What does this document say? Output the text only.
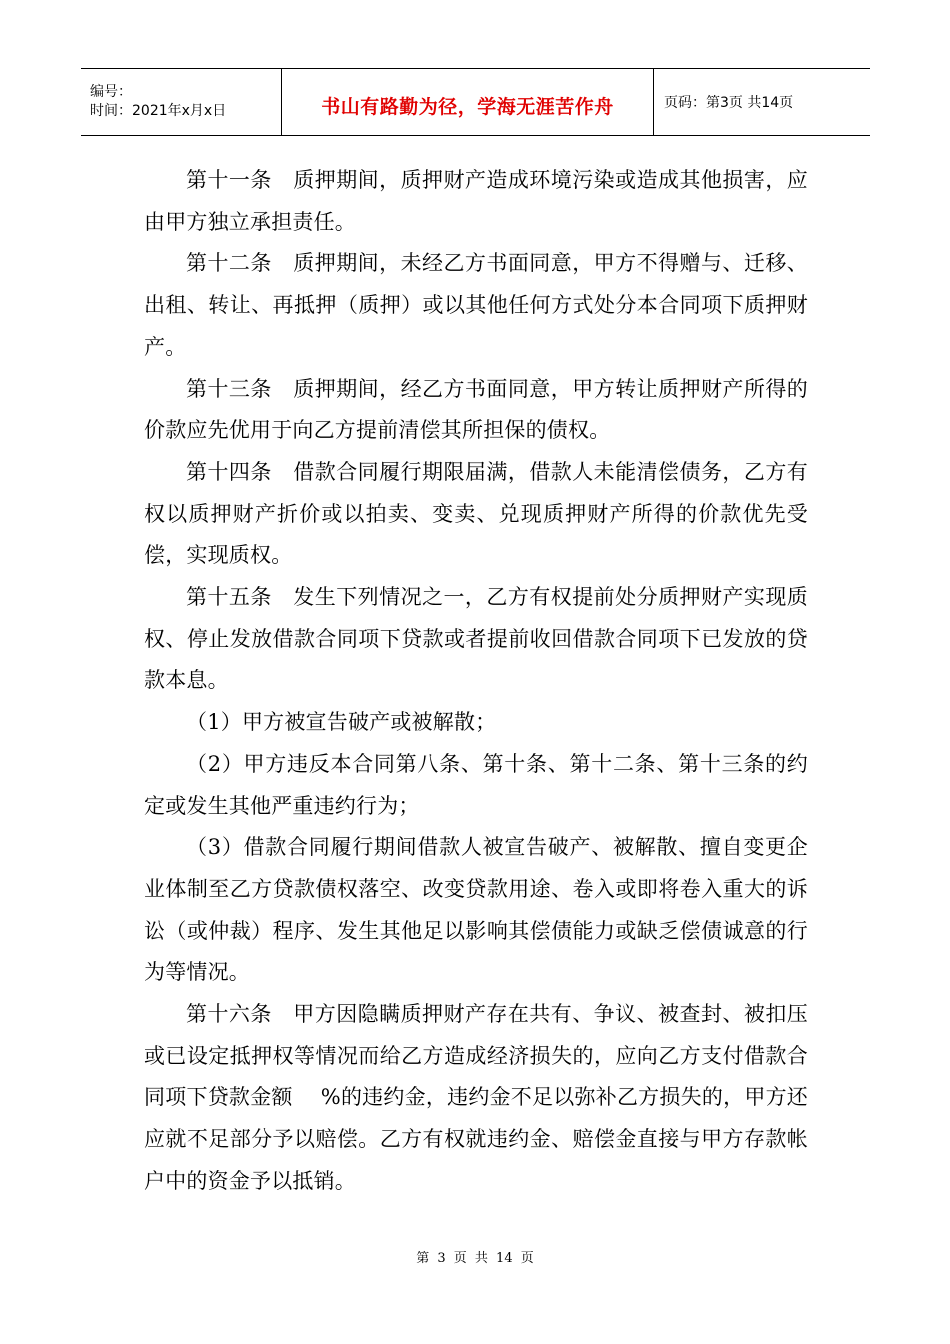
编号：
时间：2021年x月x日	书山有路勤为径，学海无涯苦作舟	页码：第3页 共14页

第十一条　质押期间，质押财产造成环境污染或造成其他损害，应由甲方独立承担责任。

第十二条　质押期间，未经乙方书面同意，甲方不得赠与、迁移、出租、转让、再抵押（质押）或以其他任何方式处分本合同项下质押财产。

第十三条　质押期间，经乙方书面同意，甲方转让质押财产所得的价款应先优用于向乙方提前清偿其所担保的债权。

第十四条　借款合同履行期限届满，借款人未能清偿债务，乙方有权以质押财产折价或以拍卖、变卖、兑现质押财产所得的价款优先受偿，实现质权。

第十五条　发生下列情况之一，乙方有权提前处分质押财产实现质权、停止发放借款合同项下贷款或者提前收回借款合同项下已发放的贷款本息。

（1）甲方被宣告破产或被解散；

（2）甲方违反本合同第八条、第十条、第十二条、第十三条的约定或发生其他严重违约行为；

（3）借款合同履行期间借款人被宣告破产、被解散、擅自变更企业体制至乙方贷款债权落空、改变贷款用途、卷入或即将卷入重大的诉讼（或仲裁）程序、发生其他足以影响其偿债能力或缺乏偿债诚意的行为等情况。

第十六条　甲方因隐瞒质押财产存在共有、争议、被查封、被扣压或已设定抵押权等情况而给乙方造成经济损失的，应向乙方支付借款合同项下贷款金额　 %的违约金，违约金不足以弥补乙方损失的，甲方还应就不足部分予以赔偿。乙方有权就违约金、赔偿金直接与甲方存款帐户中的资金予以抵销。

第 3 页 共 14 页
